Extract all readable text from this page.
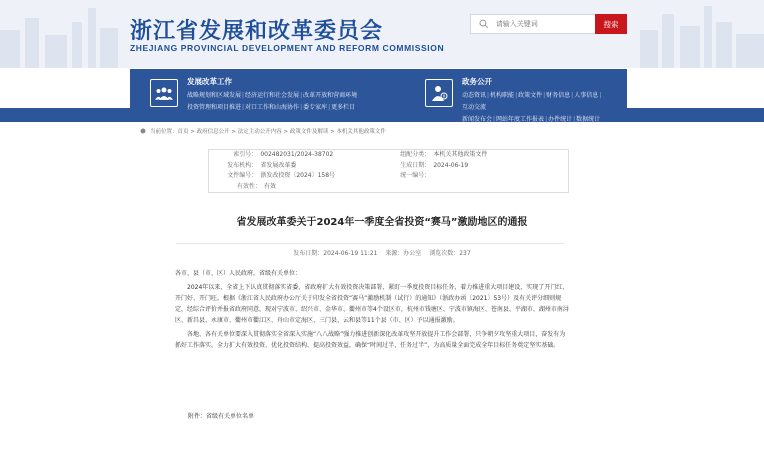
浙江省发展和改革委员会
ZHEJIANG PROVINCIAL DEVELOPMENT AND REFORM COMMISSION
请输入关键词
搜索
发展改革工作
战略规划和区域发展|经济运行和社会发展|改革开放和营商环境
投资管理和项目推进|对口工作和山海协作|委专家库|更多栏目
政务公开
动态资讯|机构职能|政策文件|财务信息|人事信息|互动交流
新闻发布会|网站年度工作报表|办件统计|数据统计
当前位置：首页 > 政府信息公开 > 法定主动公开内容 > 政策文件及解读 > 本机关其他政策文件
索引号： 002482031/2024-38702	组配分类： 本机关其他政策文件
发布机构： 省发展改革委	生成日期： 2024-06-19
文件编号： 浙发改投资〔2024〕158号	统一编号：
有效性： 有效
省发展改革委关于2024年一季度全省投资“赛马”激励地区的通报
发布日期：2024-06-19 11:21 来源：办公室 浏览次数：237

各市、县（市、区）人民政府，省级有关单位：

2024年以来，全省上下认真贯彻落实省委、省政府扩大有效投资决策部署，紧盯一季度投资目标任务，着力推进重大项目建设，实现了开门红、开门好、开门旺。根据《浙江省人民政府办公厅关于印发全省投资“赛马”激励机制（试行）的通知》（浙政办函〔2021〕53号）及有关评分细则规定，经综合评价并报省政府同意，现对宁波市、绍兴市、金华市、衢州市等4个设区市，杭州市钱塘区、宁波市镇海区、苍南县、平湖市、湖州市南浔区、新昌县、永康市、衢州市衢江区、舟山市定海区、三门县、云和县等11个县（市、区）予以通报激励。

各地、各有关单位要深入贯彻落实全省深入实施“八八战略”强力推进创新深化改革攻坚开放提升工作会部署，只争朝夕攻坚重大项目，奋发有为抓好工作落实，全力扩大有效投资、优化投资结构、提高投资效益，确保“时间过半、任务过半”，为高质量全面完成全年目标任务奠定坚实基础。

附件：省级有关单位名单
